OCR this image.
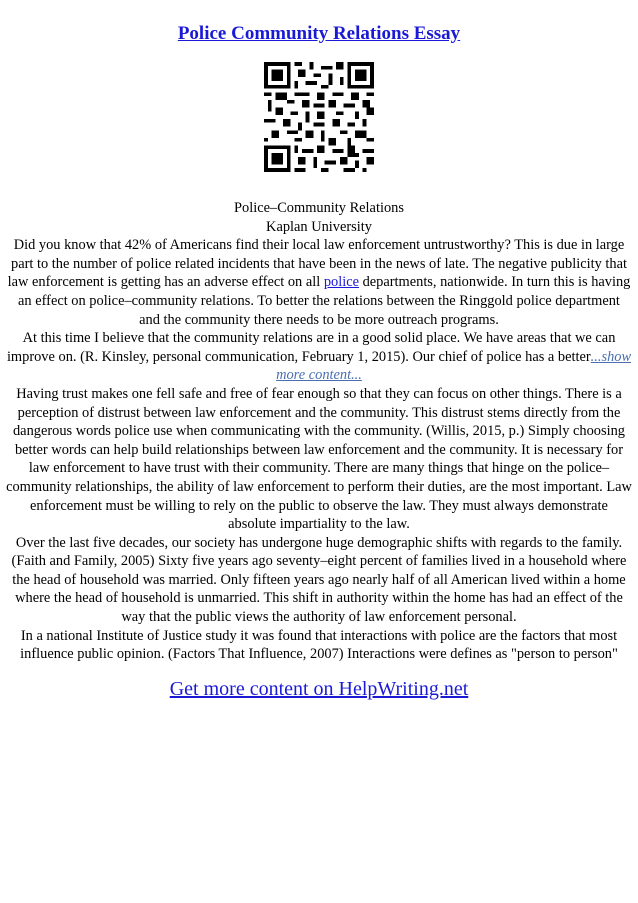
Police Community Relations Essay

Police–Community Relations

Kaplan University

Did you know that 42% of Americans find their local law enforcement untrustworthy? This is due in large part to the number of police related incidents that have been in the news of late. The negative publicity that law enforcement is getting has an adverse effect on all police departments, nationwide. In turn this is having an effect on police–community relations. To better the relations between the Ringgold police department and the community there needs to be more outreach programs.

At this time I believe that the community relations are in a good solid place. We have areas that we can improve on. (R. Kinsley, personal communication, February 1, 2015). Our chief of police has a better...show more content...

Having trust makes one fell safe and free of fear enough so that they can focus on other things. There is a perception of distrust between law enforcement and the community. This distrust stems directly from the dangerous words police use when communicating with the community. (Willis, 2015, p.) Simply choosing better words can help build relationships between law enforcement and the community. It is necessary for law enforcement to have trust with their community. There are many things that hinge on the police–community relationships, the ability of law enforcement to perform their duties, are the most important. Law enforcement must be willing to rely on the public to observe the law. They must always demonstrate absolute impartiality to the law.

Over the last five decades, our society has undergone huge demographic shifts with regards to the family. (Faith and Family, 2005) Sixty five years ago seventy–eight percent of families lived in a household where the head of household was married. Only fifteen years ago nearly half of all American lived within a home where the head of household is unmarried. This shift in authority within the home has had an effect of the way that the public views the authority of law enforcement personal.

In a national Institute of Justice study it was found that interactions with police are the factors that most influence public opinion. (Factors That Influence, 2007) Interactions were defines as "person to person"

Get more content on HelpWriting.net
